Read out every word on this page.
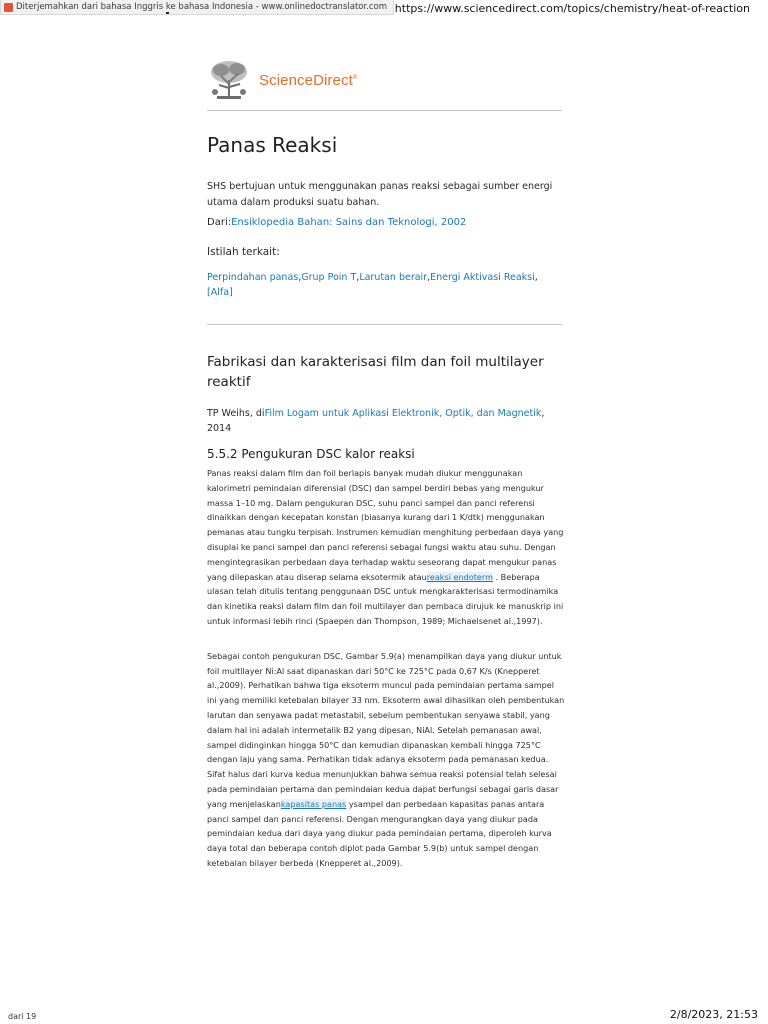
Diterjemahkan dari bahasa Inggris ke bahasa Indonesia - www.onlinedoctranslator.com https://www.sciencedirect.com/topics/chemistry/heat-of-reaction
ScienceDirect®
Panas Reaksi

SHS bertujuan untuk menggunakan panas reaksi sebagai sumber energi utama dalam produksi suatu bahan.

Dari:Ensiklopedia Bahan: Sains dan Teknologi, 2002
Istilah terkait:
Perpindahan panas,Grup Poin T,Larutan berair,Energi Aktivasi Reaksi,
[Alfa]
Fabrikasi dan karakterisasi film dan foil multilayer reaktif
TP Weihs, diFilm Logam untuk Aplikasi Elektronik, Optik, dan Magnetik, 2014
5.5.2 Pengukuran DSC kalor reaksi

Panas reaksi dalam film dan foil berlapis banyak mudah diukur menggunakan kalorimetri pemindaian diferensial (DSC) dan sampel berdiri bebas yang mengukur massa 1–10 mg. Dalam pengukuran DSC, suhu panci sampel dan panci referensi dinaikkan dengan kecepatan konstan (biasanya kurang dari 1 K/dtk) menggunakan pemanas atau tungku terpisah. Instrumen kemudian menghitung perbedaan daya yang disuplai ke panci sampel dan panci referensi sebagai fungsi waktu atau suhu. Dengan mengintegrasikan perbedaan daya terhadap waktu seseorang dapat mengukur panas yang dilepaskan atau diserap selama eksotermik ataureaksi endoterm . Beberapa ulasan telah ditulis tentang penggunaan DSC untuk mengkarakterisasi termodinamika dan kinetika reaksi dalam film dan foil multilayer dan pembaca dirujuk ke manuskrip ini untuk informasi lebih rinci (Spaepen dan Thompson, 1989; Michaelsenet al.,1997).

Sebagai contoh pengukuran DSC, Gambar 5.9(a) menampilkan daya yang diukur untuk foil multilayer Ni:Al saat dipanaskan dari 50°C ke 725°C pada 0,67 K/s (Knepperet al.,2009). Perhatikan bahwa tiga eksoterm muncul pada pemindaian pertama sampel ini yang memiliki ketebalan bilayer 33 nm. Eksoterm awal dihasilkan oleh pembentukan larutan dan senyawa padat metastabil, sebelum pembentukan senyawa stabil, yang dalam hal ini adalah intermetalik B2 yang dipesan, NiAl. Setelah pemanasan awal, sampel didinginkan hingga 50°C dan kemudian dipanaskan kembali hingga 725°C dengan laju yang sama. Perhatikan tidak adanya eksoterm pada pemanasan kedua. Sifat halus dari kurva kedua menunjukkan bahwa semua reaksi potensial telah selesai pada pemindaian pertama dan pemindaian kedua dapat berfungsi sebagai garis dasar yang menjelaskankapasitas panas ysampel dan perbedaan kapasitas panas antara panci sampel dan panci referensi. Dengan mengurangkan daya yang diukur pada pemindaian kedua dari daya yang diukur pada pemindaian pertama, diperoleh kurva daya total dan beberapa contoh diplot pada Gambar 5.9(b) untuk sampel dengan ketebalan bilayer berbeda (Knepperet al.,2009).

dari 19	2/8/2023, 21:53
